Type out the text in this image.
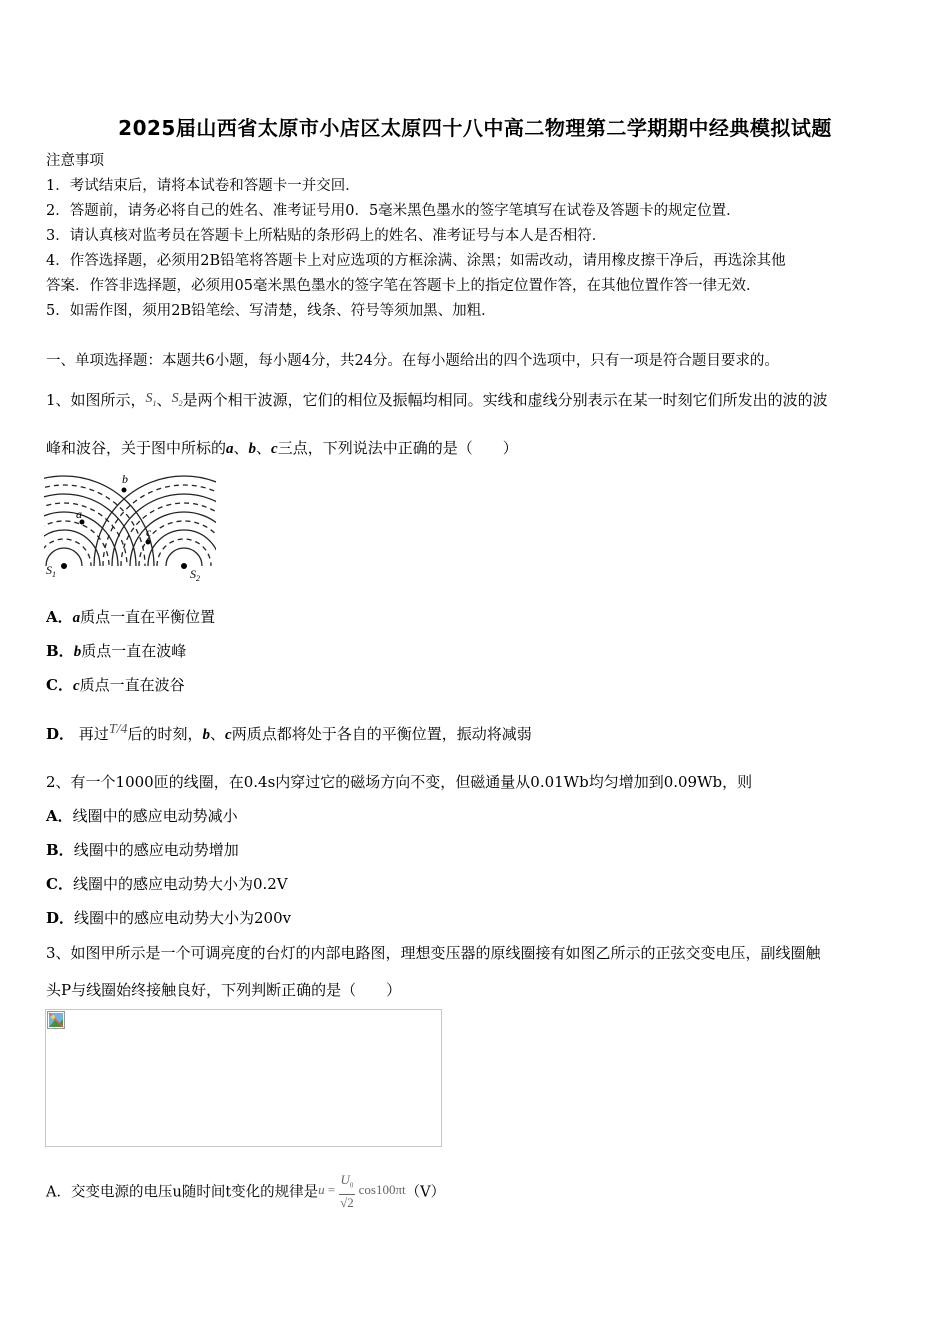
2025届山西省太原市小店区太原四十八中高二物理第二学期期中经典模拟试题
注意事项
1．考试结束后，请将本试卷和答题卡一并交回．
2．答题前，请务必将自己的姓名、准考证号用0．5毫米黑色墨水的签字笔填写在试卷及答题卡的规定位置．
3．请认真核对监考员在答题卡上所粘贴的条形码上的姓名、准考证号与本人是否相符．
4．作答选择题，必须用2B铅笔将答题卡上对应选项的方框涂满、涂黑；如需改动，请用橡皮擦干净后，再选涂其他
答案．作答非选择题，必须用05毫米黑色墨水的签字笔在答题卡上的指定位置作答，在其他位置作答一律无效．
5．如需作图，须用2B铅笔绘、写清楚，线条、符号等须加黑、加粗．
一、单项选择题：本题共6小题，每小题4分，共24分。在每小题给出的四个选项中，只有一项是符合题目要求的。
1、如图所示，$S_1$、$S_2$是两个相干波源，它们的相位及振幅均相同。实线和虚线分别表示在某一时刻它们所发出的波的波
峰和波谷，关于图中所标的a、b、c三点，下列说法中正确的是（　　）
b
a
c
$S_1$	$S_2$
A．a质点一直在平衡位置
B．b质点一直在波峰
C．c质点一直在波谷
D． 再过T/4后的时刻，b、c两质点都将处于各自的平衡位置，振动将减弱
2、有一个1000匝的线圈，在0.4s内穿过它的磁场方向不变，但磁通量从0.01Wb均匀增加到0.09Wb，则
A．线圈中的感应电动势减小
B．线圈中的感应电动势增加
C．线圈中的感应电动势大小为0.2V
D．线圈中的感应电动势大小为200v
3、如图甲所示是一个可调亮度的台灯的内部电路图，理想变压器的原线圈接有如图乙所示的正弦交变电压，副线圈触
头P与线圈始终接触良好，下列判断正确的是（　　）
A．交变电源的电压u随时间t变化的规律是$u = \frac{U_0}{√2} \cos 100\pi t(V)$
